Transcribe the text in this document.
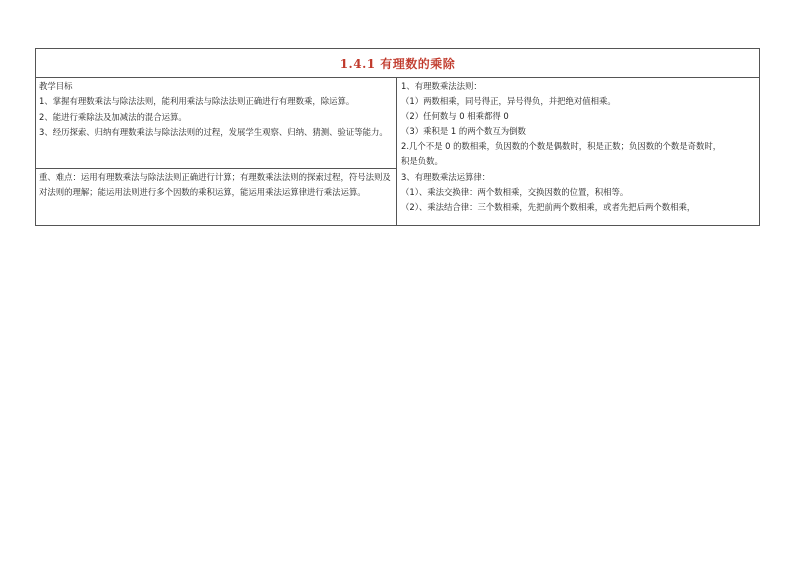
1.4.1 有理数的乘除

教学目标

1、掌握有理数乘法与除法法则，能利用乘法与除法法则正确进行有理数乘，除运算。

2、能进行乘除法及加减法的混合运算。

3、经历探索、归纳有理数乘法与除法法则的过程，发展学生观察、归纳、猜测、验证等能力。

重、难点：运用有理数乘法与除法法则正确进行计算；有理数乘法法则的探索过程，符号法则及对法则的理解；能运用法则进行多个因数的乘积运算，能运用乘法运算律进行乘法运算。

1、有理数乘法法则：

（1）两数相乘，同号得正，异号得负，并把绝对值相乘。

（2）任何数与 0 相乘都得 0

（3）乘积是 1 的两个数互为倒数

2.几个不是 0 的数相乘，负因数的个数是偶数时，积是正数；负因数的个数是奇数时，

积是负数。

3、有理数乘法运算律：

（1）、乘法交换律：两个数相乘，交换因数的位置，积相等。

（2）、乘法结合律：三个数相乘，先把前两个数相乘，或者先把后两个数相乘，
